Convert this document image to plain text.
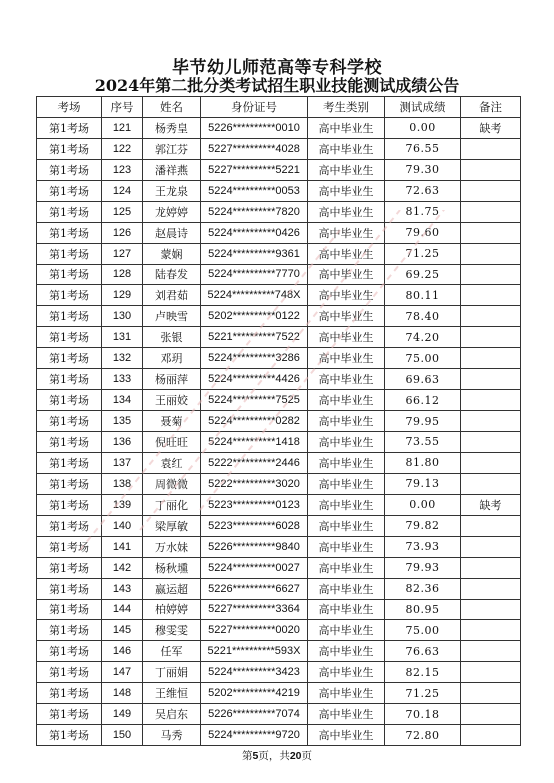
毕节幼儿师范高等专科学校
2024年第二批分类考试招生职业技能测试成绩公告
考场	序号	姓名	身份证号	考生类别	测试成绩	备注
第1考场	121	杨秀皇	5226**********0010	高中毕业生	0.00	缺考
第1考场	122	郭江芬	5227**********4028	高中毕业生	76.55	
第1考场	123	潘祥燕	5227**********5221	高中毕业生	79.30	
第1考场	124	王龙泉	5224**********0053	高中毕业生	72.63	
第1考场	125	龙婷婷	5224**********7820	高中毕业生	81.75	
第1考场	126	赵晨诗	5224**********0426	高中毕业生	79.60	
第1考场	127	蒙娴	5224**********9361	高中毕业生	71.25	
第1考场	128	陆春发	5224**********7770	高中毕业生	69.25	
第1考场	129	刘君茹	5224**********748X	高中毕业生	80.11	
第1考场	130	卢映雪	5202**********0122	高中毕业生	78.40	
第1考场	131	张银	5221**********7522	高中毕业生	74.20	
第1考场	132	邓玥	5224**********3286	高中毕业生	75.00	
第1考场	133	杨丽萍	5224**********4426	高中毕业生	69.63	
第1考场	134	王丽姣	5224**********7525	高中毕业生	66.12	
第1考场	135	聂菊	5224**********0282	高中毕业生	79.95	
第1考场	136	倪旺旺	5224**********1418	高中毕业生	73.55	
第1考场	137	袁红	5222**********2446	高中毕业生	81.80	
第1考场	138	周微微	5222**********3020	高中毕业生	79.13	
第1考场	139	丁丽化	5223**********0123	高中毕业生	0.00	缺考
第1考场	140	梁厚敏	5223**********6028	高中毕业生	79.82	
第1考场	141	万水妹	5226**********9840	高中毕业生	73.93	
第1考场	142	杨秋壎	5224**********0027	高中毕业生	79.93	
第1考场	143	嬴运超	5226**********6627	高中毕业生	82.36	
第1考场	144	柏婷婷	5227**********3364	高中毕业生	80.95	
第1考场	145	穆雯雯	5227**********0020	高中毕业生	75.00	
第1考场	146	任军	5221**********593X	高中毕业生	76.63	
第1考场	147	丁丽娟	5224**********3423	高中毕业生	82.15	
第1考场	148	王维恒	5202**********4219	高中毕业生	71.25	
第1考场	149	吴启东	5226**********7074	高中毕业生	70.18	
第1考场	150	马秀	5224**********9720	高中毕业生	72.80	
第5页，共20页
